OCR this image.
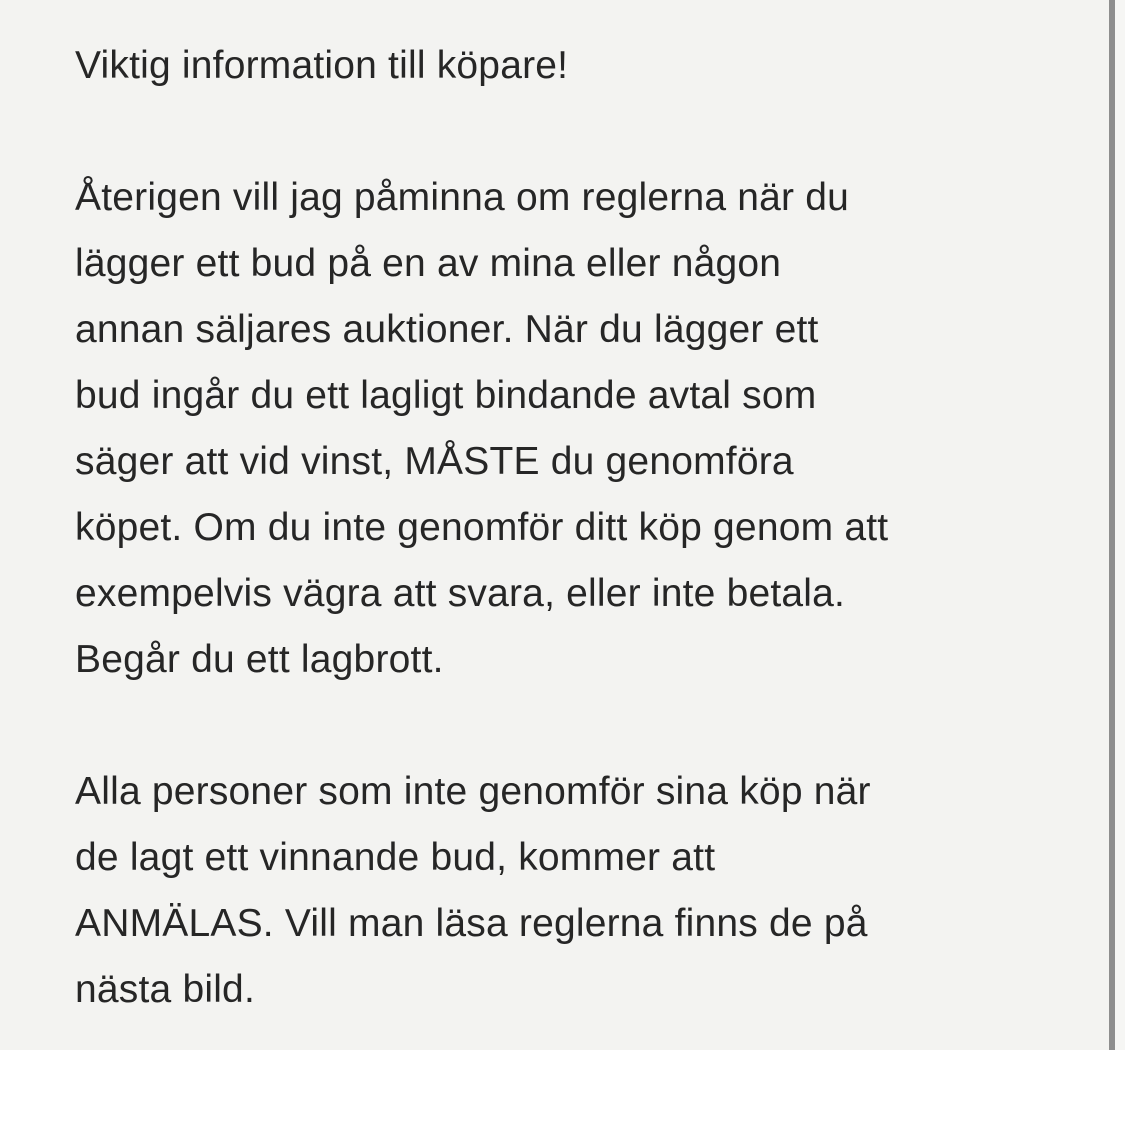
Viktig information till köpare!
Återigen vill jag påminna om reglerna när du
lägger ett bud på en av mina eller någon
annan säljares auktioner. När du lägger ett
bud ingår du ett lagligt bindande avtal som
säger att vid vinst, MÅSTE du genomföra
köpet. Om du inte genomför ditt köp genom att
exempelvis vägra att svara, eller inte betala.
Begår du ett lagbrott.
Alla personer som inte genomför sina köp när
de lagt ett vinnande bud, kommer att
ANMÄLAS. Vill man läsa reglerna finns de på
nästa bild.
